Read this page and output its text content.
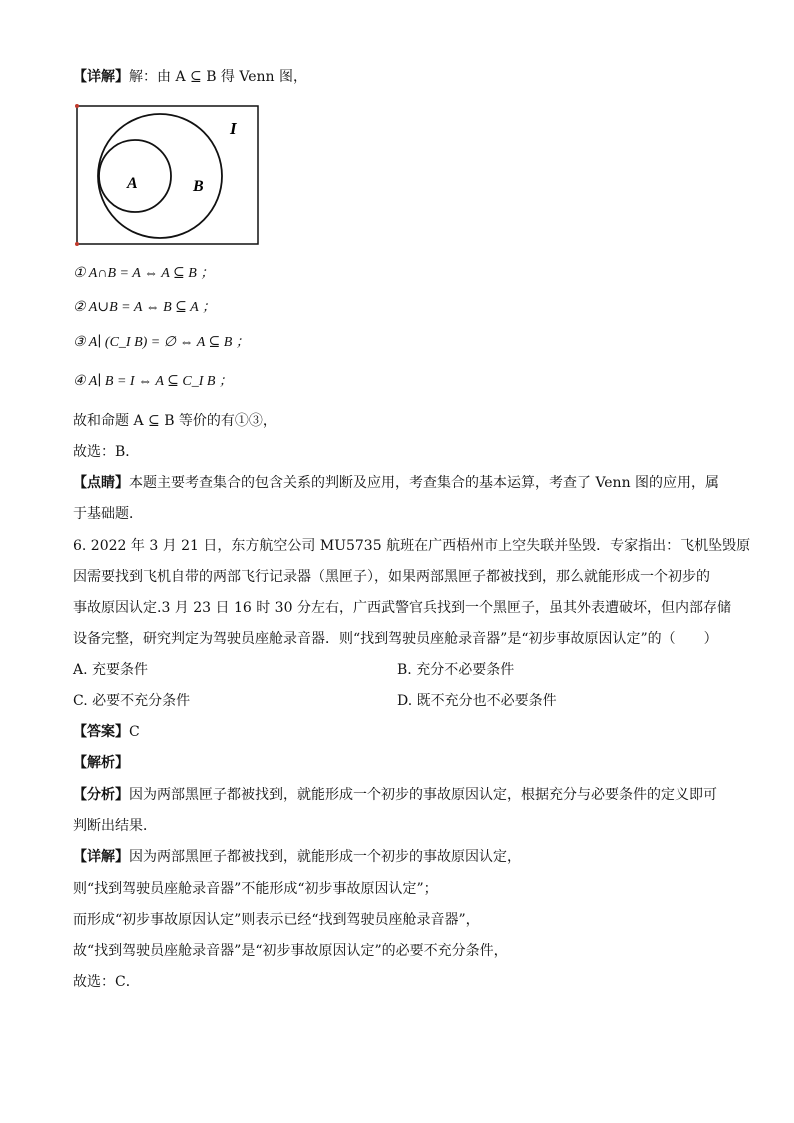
【详解】解：由 A ⊆ B 得 Venn 图，
I
A	B
① A∩B = A ⇔ A ⊆ B ；
② A∪B = A ⇔ B ⊆ A ；
③ A∣ (C_I B) = ∅ ⇔ A ⊆ B ；
④ A∣ B = I ⇔ A ⊆ C_I B ；
故和命题 A ⊆ B 等价的有①③，
故选：B．
【点睛】本题主要考查集合的包含关系的判断及应用，考查集合的基本运算，考查了 Venn 图的应用，属
于基础题．
6. 2022 年 3 月 21 日，东方航空公司 MU5735 航班在广西梧州市上空失联并坠毁．专家指出：飞机坠毁原
因需要找到飞机自带的两部飞行记录器（黑匣子），如果两部黑匣子都被找到，那么就能形成一个初步的
事故原因认定.3 月 23 日 16 时 30 分左右，广西武警官兵找到一个黑匣子，虽其外表遭破坏，但内部存储
设备完整，研究判定为驾驶员座舱录音器．则“找到驾驶员座舱录音器”是“初步事故原因认定”的（　　）
A. 充要条件	B. 充分不必要条件
C. 必要不充分条件	D. 既不充分也不必要条件
【答案】C
【解析】
【分析】因为两部黑匣子都被找到，就能形成一个初步的事故原因认定，根据充分与必要条件的定义即可
判断出结果．
【详解】因为两部黑匣子都被找到，就能形成一个初步的事故原因认定，
则“找到驾驶员座舱录音器”不能形成“初步事故原因认定”；
而形成“初步事故原因认定”则表示已经“找到驾驶员座舱录音器”，
故“找到驾驶员座舱录音器”是“初步事故原因认定”的必要不充分条件，
故选：C．
